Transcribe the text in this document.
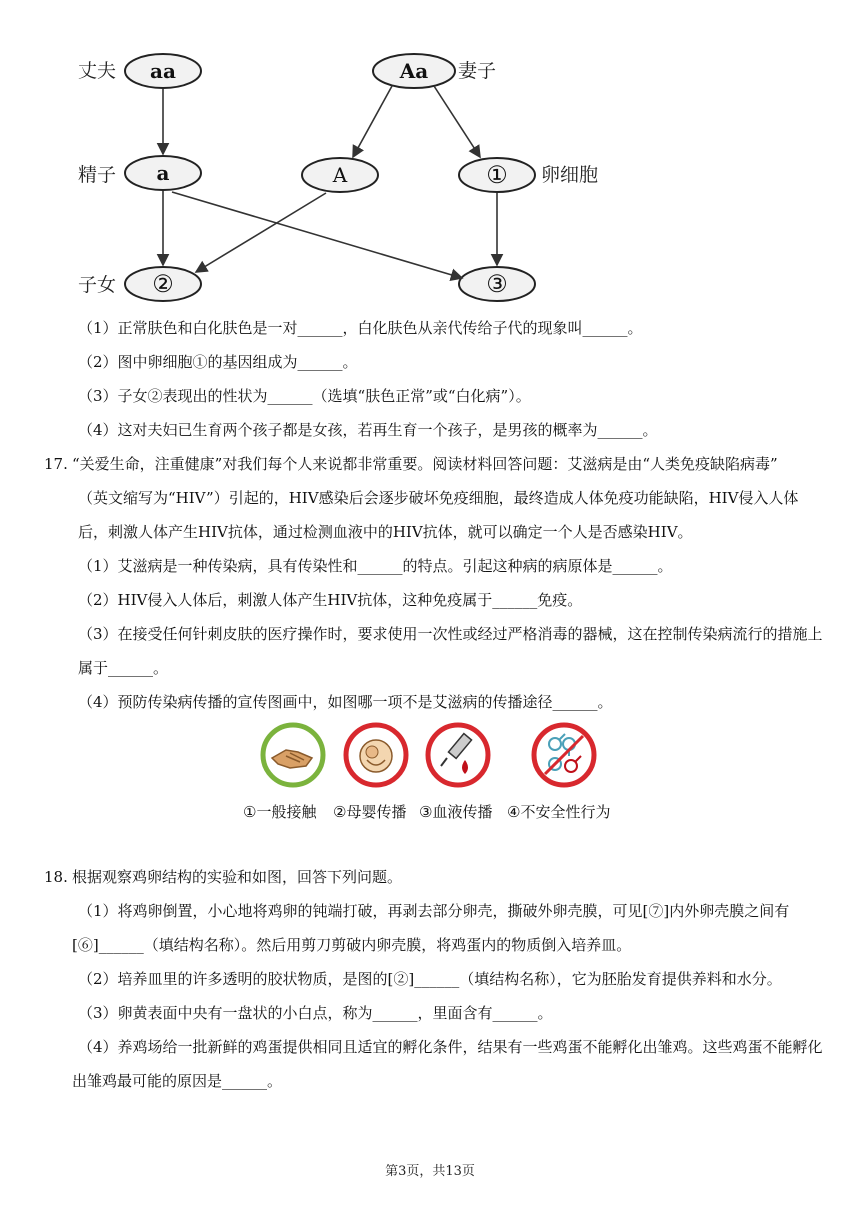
丈夫	妻子
精子	卵细胞
子女
aa	Aa
a	A	①
②	③
（1）正常肤色和白化肤色是一对______，白化肤色从亲代传给子代的现象叫______。
（2）图中卵细胞①的基因组成为______。
（3）子女②表现出的性状为______（选填“肤色正常”或“白化病”）。
（4）这对夫妇已生育两个孩子都是女孩，若再生育一个孩子，是男孩的概率为______。
17. “关爱生命，注重健康”对我们每个人来说都非常重要。阅读材料回答问题：艾滋病是由“人类免疫缺陷病毒”
（英文缩写为“HIV”）引起的，HIV感染后会逐步破坏免疫细胞，最终造成人体免疫功能缺陷，HIV侵入人体
后，刺激人体产生HIV抗体，通过检测血液中的HIV抗体，就可以确定一个人是否感染HIV。
（1）艾滋病是一种传染病，具有传染性和______的特点。引起这种病的病原体是______。
（2）HIV侵入人体后，刺激人体产生HIV抗体，这种免疫属于______免疫。
（3）在接受任何针刺皮肤的医疗操作时，要求使用一次性或经过严格消毒的器械，这在控制传染病流行的措施上
属于______。
（4）预防传染病传播的宣传图画中，如图哪一项不是艾滋病的传播途径______。
①一般接触 ②母婴传播 ③血液传播 ④不安全性行为
18. 根据观察鸡卵结构的实验和如图，回答下列问题。
（1）将鸡卵倒置，小心地将鸡卵的钝端打破，再剥去部分卵壳，撕破外卵壳膜，可见[⑦]内外卵壳膜之间有
[⑥]______（填结构名称）。然后用剪刀剪破内卵壳膜，将鸡蛋内的物质倒入培养皿。
（2）培养皿里的许多透明的胶状物质，是图的[②]______（填结构名称），它为胚胎发育提供养料和水分。
（3）卵黄表面中央有一盘状的小白点，称为______，里面含有______。
（4）养鸡场给一批新鲜的鸡蛋提供相同且适宜的孵化条件，结果有一些鸡蛋不能孵化出雏鸡。这些鸡蛋不能孵化
出雏鸡最可能的原因是______。
第3页，共13页
